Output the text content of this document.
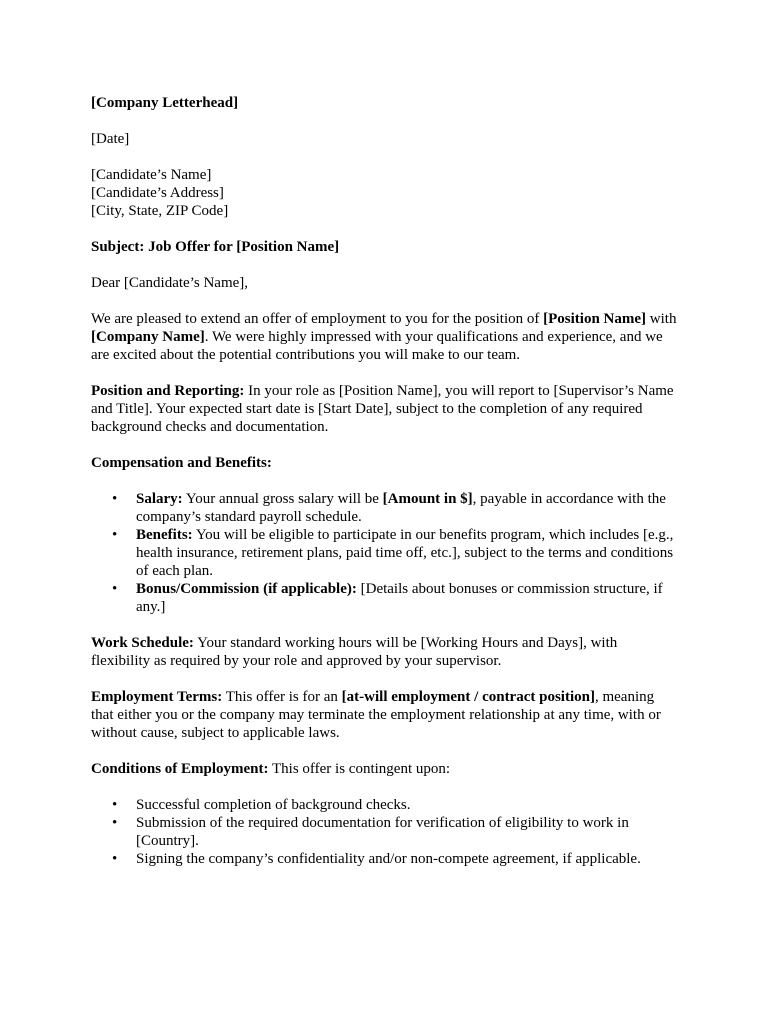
[Company Letterhead]

[Date]

[Candidate’s Name]
[Candidate’s Address]
[City, State, ZIP Code]

Subject: Job Offer for [Position Name]

Dear [Candidate’s Name],

We are pleased to extend an offer of employment to you for the position of [Position Name] with [Company Name]. We were highly impressed with your qualifications and experience, and we are excited about the potential contributions you will make to our team.

Position and Reporting: In your role as [Position Name], you will report to [Supervisor’s Name and Title]. Your expected start date is [Start Date], subject to the completion of any required background checks and documentation.

Compensation and Benefits:

• Salary: Your annual gross salary will be [Amount in $], payable in accordance with the company’s standard payroll schedule.
• Benefits: You will be eligible to participate in our benefits program, which includes [e.g., health insurance, retirement plans, paid time off, etc.], subject to the terms and conditions of each plan.
• Bonus/Commission (if applicable): [Details about bonuses or commission structure, if any.]

Work Schedule: Your standard working hours will be [Working Hours and Days], with flexibility as required by your role and approved by your supervisor.

Employment Terms: This offer is for an [at-will employment / contract position], meaning that either you or the company may terminate the employment relationship at any time, with or without cause, subject to applicable laws.

Conditions of Employment: This offer is contingent upon:

• Successful completion of background checks.
• Submission of the required documentation for verification of eligibility to work in [Country].
• Signing the company’s confidentiality and/or non-compete agreement, if applicable.
